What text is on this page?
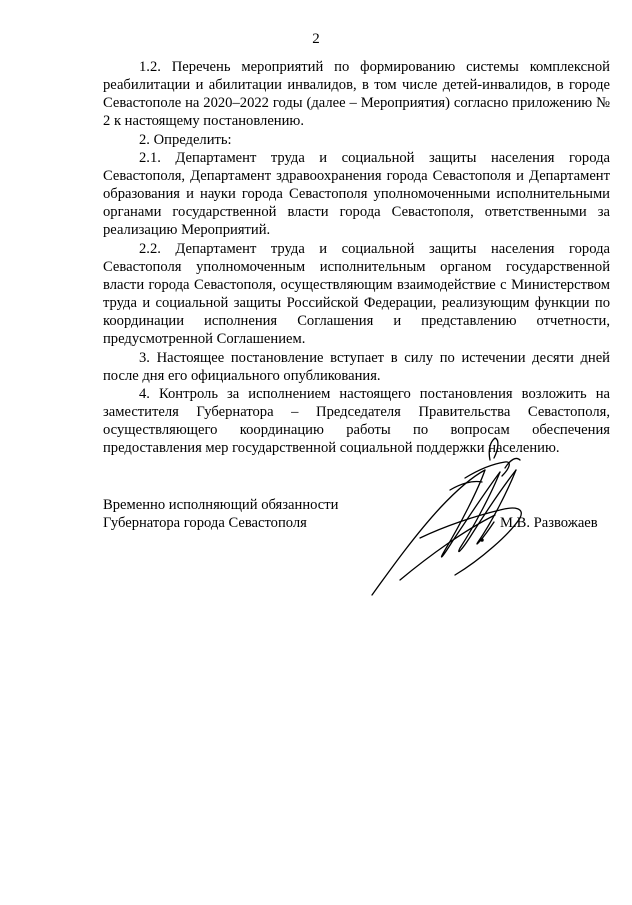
2

1.2. Перечень мероприятий по формированию системы комплексной реабилитации и абилитации инвалидов, в том числе детей-инвалидов, в городе Севастополе на 2020–2022 годы (далее – Мероприятия) согласно приложению № 2 к настоящему постановлению.

2. Определить:

2.1. Департамент труда и социальной защиты населения города Севастополя, Департамент здравоохранения города Севастополя и Департамент образования и науки города Севастополя уполномоченными исполнительными органами государственной власти города Севастополя, ответственными за реализацию Мероприятий.

2.2. Департамент труда и социальной защиты населения города Севастополя уполномоченным исполнительным органом государственной власти города Севастополя, осуществляющим взаимодействие с Министерством труда и социальной защиты Российской Федерации, реализующим функции по координации исполнения Соглашения и представлению отчетности, предусмотренной Соглашением.

3. Настоящее постановление вступает в силу по истечении десяти дней после дня его официального опубликования.

4. Контроль за исполнением настоящего постановления возложить на заместителя Губернатора – Председателя Правительства Севастополя, осуществляющего координацию работы по вопросам обеспечения предоставления мер государственной социальной поддержки населению.

Временно исполняющий обязанности
Губернатора города Севастополя	М.В. Развожаев
